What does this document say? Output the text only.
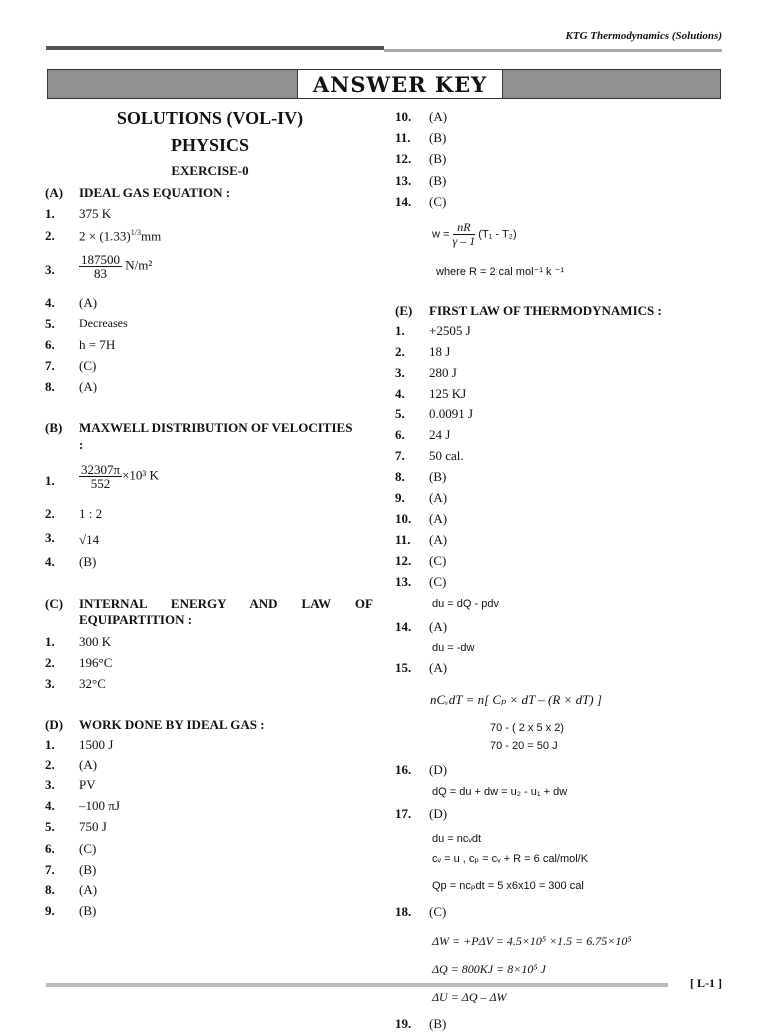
KTG Thermodynamics (Solutions)
ANSWER KEY
SOLUTIONS (VOL-IV)
PHYSICS
EXERCISE-0
(A) IDEAL GAS EQUATION :
1. 375 K
2. $2 \times (1.33)^{1/3}mm$
3. $\frac{187500}{83} N/m^2$
4. (A)
5. Decreases
6. h = 7H
7. (C)
8. (A)
(B) MAXWELL DISTRIBUTION OF VELOCITIES
:
1. $\frac{32307\pi}{552} \times 10^3$ K
2. 1 : 2
3. √14
4. (B)
(C) INTERNAL ENERGY AND LAW OF
EQUIPARTITION :
1. 300 K
2. 196°C
3. 32°C
(D) WORK DONE BY IDEAL GAS :
1. 1500 J
2. (A)
3. PV
4. –100 πJ
5. 750 J
6. (C)
7. (B)
8. (A)
9. (B)
10. (A)
11. (B)
12. (B)
13. (B)
14. (C)
$w = \frac{nR}{\gamma - 1} (T_1 - T_2)$
where R = 2 cal mol⁻¹ k ⁻¹
(E) FIRST LAW OF THERMODYNAMICS :
1. +2505 J
2. 18 J
3. 280 J
4. 125 KJ
5. 0.0091 J
6. 24 J
7. 50 cal.
8. (B)
9. (A)
10. (A)
11. (A)
12. (C)
13. (C)
du = dQ - pdv
14. (A)
du = -dw
15. (A)
nCᵥdT = n[ Cₚ × dT – (R × dT) ]
70 - ( 2 x 5 x 2)
70 - 20 = 50 J
16. (D)
dQ = du + dw = u₂ - u₁ + dw
17. (D)
du = ncᵥdt
cᵥ = u , cₚ = cᵥ + R = 6 cal/mol/K
Qp = ncₚdt = 5 x6x10 = 300 cal
18. (C)
ΔW = +PΔV = 4.5×10⁵ ×1.5 = 6.75×10⁵
ΔQ = 800KJ = 8×10⁵ J
ΔU = ΔQ – ΔW
19. (B)
[ L-1 ]
